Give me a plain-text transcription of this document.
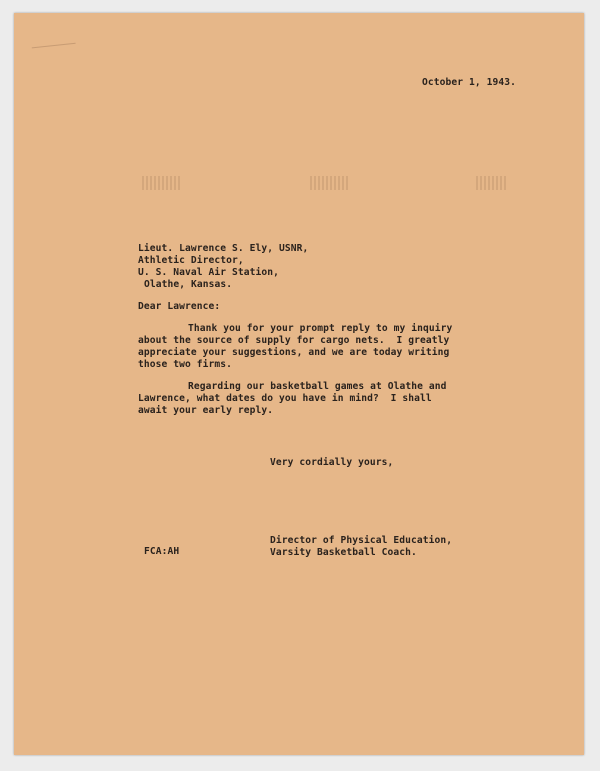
October 1, 1943.
Lieut. Lawrence S. Ely, USNR,
Athletic Director,
U. S. Naval Air Station,
Olathe, Kansas.
Dear Lawrence:
Thank you for your prompt reply to my inquiry
about the source of supply for cargo nets.  I greatly
appreciate your suggestions, and we are today writing
those two firms.
Regarding our basketball games at Olathe and
Lawrence, what dates do you have in mind?  I shall
await your early reply.
Very cordially yours,
Director of Physical Education,
Varsity Basketball Coach.
FCA:AH
